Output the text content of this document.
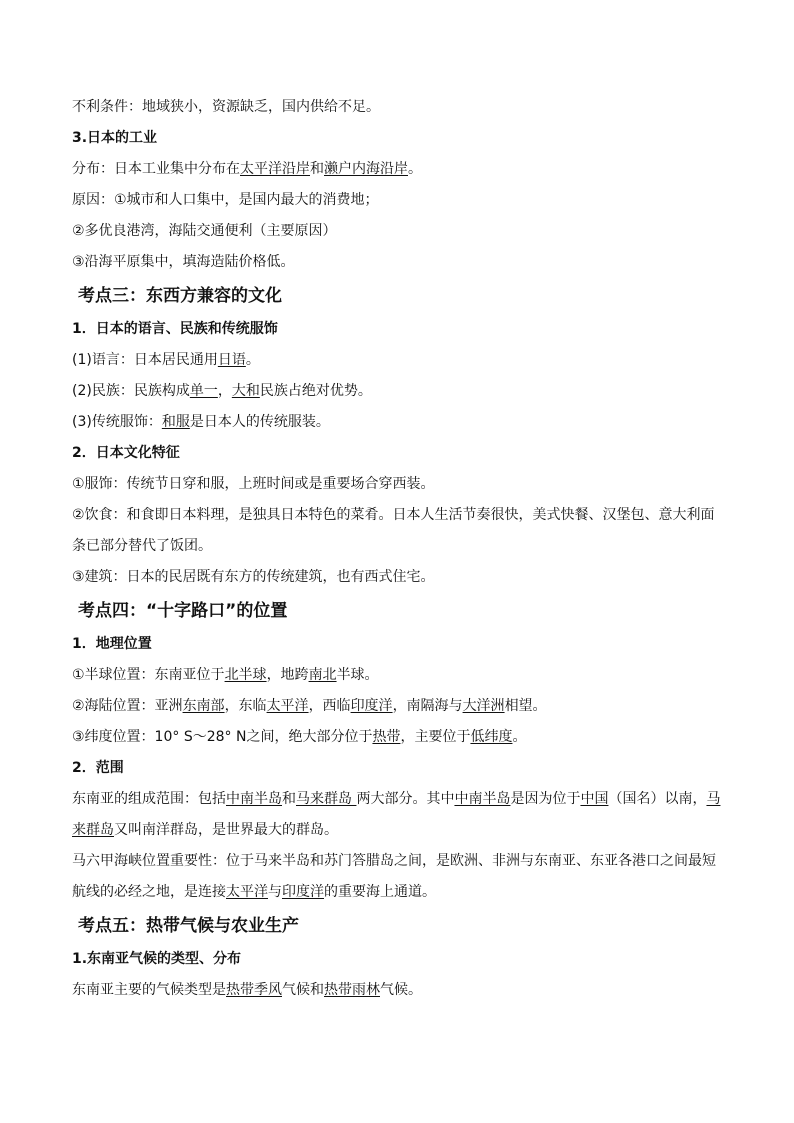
不利条件：地域狭小，资源缺乏，国内供给不足。
3.日本的工业
分布：日本工业集中分布在太平洋沿岸和濑户内海沿岸。
原因：①城市和人口集中，是国内最大的消费地；
②多优良港湾，海陆交通便利（主要原因）
③沿海平原集中，填海造陆价格低。
考点三：东西方兼容的文化
1．日本的语言、民族和传统服饰
(1)语言：日本居民通用日语。
(2)民族：民族构成单一，大和民族占绝对优势。
(3)传统服饰：和服是日本人的传统服装。
2．日本文化特征
①服饰：传统节日穿和服，上班时间或是重要场合穿西装。
②饮食：和食即日本料理，是独具日本特色的菜肴。日本人生活节奏很快，美式快餐、汉堡包、意大利面条已部分替代了饭团。
③建筑：日本的民居既有东方的传统建筑，也有西式住宅。
考点四：“十字路口”的位置
1．地理位置
①半球位置：东南亚位于北半球，地跨南北半球。
②海陆位置：亚洲东南部，东临太平洋，西临印度洋，南隔海与大洋洲相望。
③纬度位置：10° S～28° N之间，绝大部分位于热带，主要位于低纬度。
2．范围
东南亚的组成范围：包括中南半岛和马来群岛 两大部分。其中中南半岛是因为位于中国（国名）以南，马来群岛又叫南洋群岛，是世界最大的群岛。
马六甲海峡位置重要性：位于马来半岛和苏门答腊岛之间，是欧洲、非洲与东南亚、东亚各港口之间最短航线的必经之地，是连接太平洋与印度洋的重要海上通道。
考点五：热带气候与农业生产
1.东南亚气候的类型、分布
东南亚主要的气候类型是热带季风气候和热带雨林气候。
